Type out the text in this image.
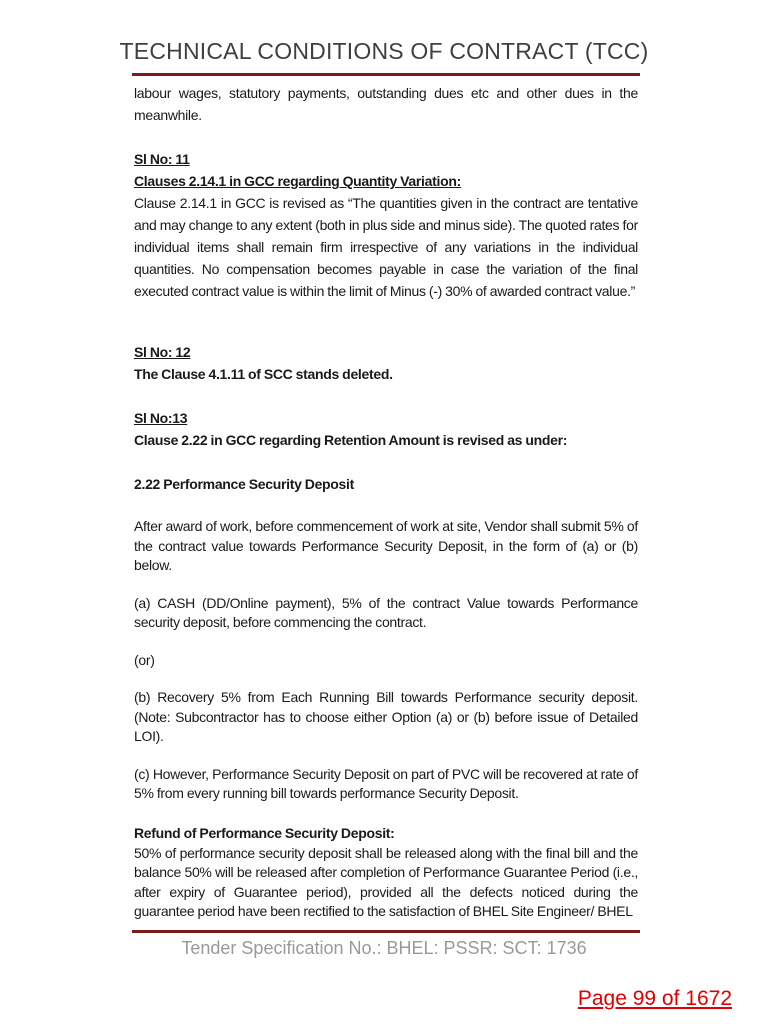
TECHNICAL CONDITIONS OF CONTRACT (TCC)

labour wages, statutory payments, outstanding dues etc and other dues in the meanwhile.

Sl No: 11

Clauses 2.14.1 in GCC regarding Quantity Variation:

Clause 2.14.1 in GCC is revised as “The quantities given in the contract are tentative and may change to any extent (both in plus side and minus side). The quoted rates for individual items shall remain firm irrespective of any variations in the individual quantities. No compensation becomes payable in case the variation of the final executed contract value is within the limit of Minus (-) 30% of awarded contract value.”

Sl No: 12

The Clause 4.1.11 of SCC stands deleted.

Sl No:13

Clause 2.22 in GCC regarding Retention Amount is revised as under:

2.22 Performance Security Deposit

After award of work, before commencement of work at site, Vendor shall submit 5% of the contract value towards Performance Security Deposit, in the form of (a) or (b) below.

(a) CASH (DD/Online payment), 5% of the contract Value towards Performance security deposit, before commencing the contract.

(or)

(b) Recovery 5% from Each Running Bill towards Performance security deposit. (Note: Subcontractor has to choose either Option (a) or (b) before issue of Detailed LOI).

(c) However, Performance Security Deposit on part of PVC will be recovered at rate of 5% from every running bill towards performance Security Deposit.

Refund of Performance Security Deposit:

50% of performance security deposit shall be released along with the final bill and the balance 50% will be released after completion of Performance Guarantee Period (i.e., after expiry of Guarantee period), provided all the defects noticed during the guarantee period have been rectified to the satisfaction of BHEL Site Engineer/ BHEL

Tender Specification No.: BHEL: PSSR: SCT: 1736
Page 99 of 1672
